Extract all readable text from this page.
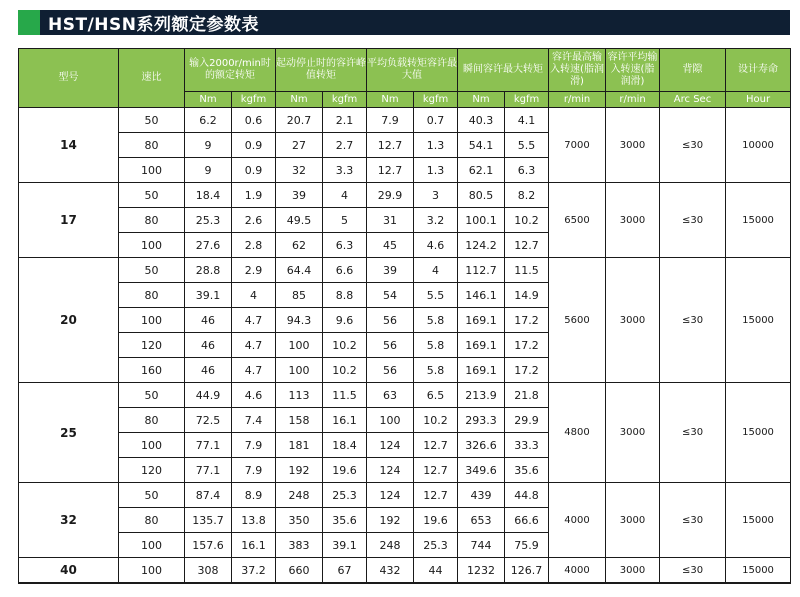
HST/HSN系列额定参数表
型号	速比	输入2000r/min时的额定转矩		起动停止时的容许峰值转矩		平均负载转矩容许最大值		瞬间容许最大转矩		容许最高输入转速(脂润滑)	容许平均输入转速(脂润滑)	背隙	设计寿命
		Nm	kgfm	Nm	kgfm	Nm	kgfm	Nm	kgfm	r/min	r/min	Arc Sec	Hour
14	50	6.2	0.6	20.7	2.1	7.9	0.7	40.3	4.1	7000	3000	≤30	10000
	80	9	0.9	27	2.7	12.7	1.3	54.1	5.5				
	100	9	0.9	32	3.3	12.7	1.3	62.1	6.3				
17	50	18.4	1.9	39	4	29.9	3	80.5	8.2	6500	3000	≤30	15000
	80	25.3	2.6	49.5	5	31	3.2	100.1	10.2				
	100	27.6	2.8	62	6.3	45	4.6	124.2	12.7				
20	50	28.8	2.9	64.4	6.6	39	4	112.7	11.5	5600	3000	≤30	15000
	80	39.1	4	85	8.8	54	5.5	146.1	14.9				
	100	46	4.7	94.3	9.6	56	5.8	169.1	17.2				
	120	46	4.7	100	10.2	56	5.8	169.1	17.2				
	160	46	4.7	100	10.2	56	5.8	169.1	17.2				
25	50	44.9	4.6	113	11.5	63	6.5	213.9	21.8	4800	3000	≤30	15000
	80	72.5	7.4	158	16.1	100	10.2	293.3	29.9				
	100	77.1	7.9	181	18.4	124	12.7	326.6	33.3				
	120	77.1	7.9	192	19.6	124	12.7	349.6	35.6				
32	50	87.4	8.9	248	25.3	124	12.7	439	44.8	4000	3000	≤30	15000
	80	135.7	13.8	350	35.6	192	19.6	653	66.6				
	100	157.6	16.1	383	39.1	248	25.3	744	75.9				
40	100	308	37.2	660	67	432	44	1232	126.7	4000	3000	≤30	15000
